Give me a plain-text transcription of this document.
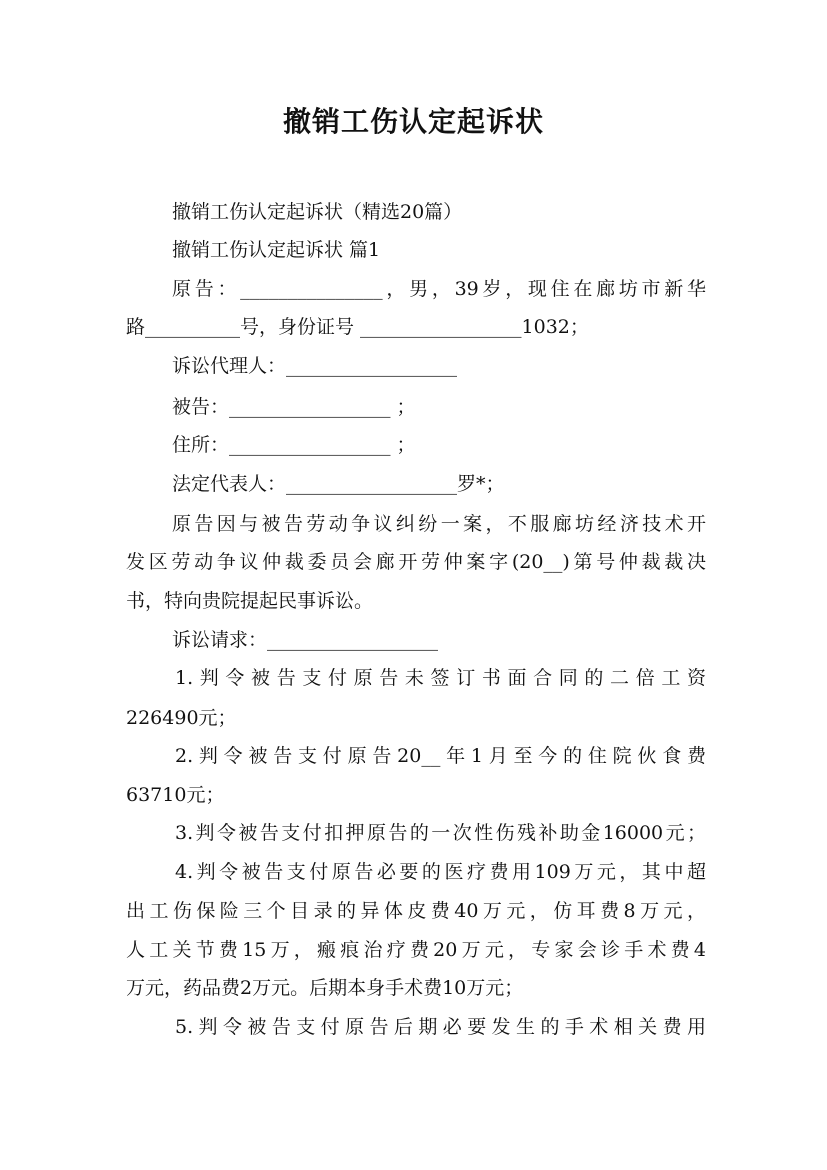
撤销工伤认定起诉状
撤销工伤认定起诉状（精选20篇）
撤销工伤认定起诉状 篇1
原告：_______________，男，39岁，现住在廊坊市新华
路__________号，身份证号 _________________1032；
诉讼代理人：__________________
被告：_________________ ；
住所：_________________ ；
法定代表人：__________________罗*；
原告因与被告劳动争议纠纷一案，不服廊坊经济技术开
发区劳动争议仲裁委员会廊开劳仲案字(20__)第号仲裁裁决
书，特向贵院提起民事诉讼。
诉讼请求：__________________
1.判令被告支付原告未签订书面合同的二倍工资
226490元；
2.判令被告支付原告20__年1月至今的住院伙食费
63710元；
3.判令被告支付扣押原告的一次性伤残补助金16000元；
4.判令被告支付原告必要的医疗费用109万元，其中超
出工伤保险三个目录的异体皮费40万元，仿耳费8万元，
人工关节费15万，瘢痕治疗费20万元，专家会诊手术费4
万元，药品费2万元。后期本身手术费10万元；
5.判令被告支付原告后期必要发生的手术相关费用
